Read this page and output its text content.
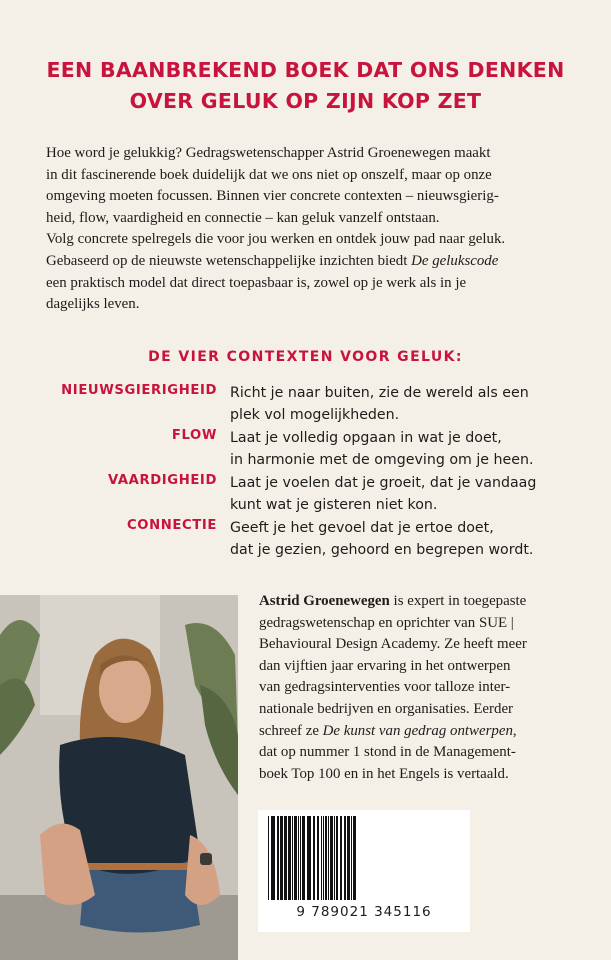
EEN BAANBREKEND BOEK DAT ONS DENKEN
OVER GELUK OP ZIJN KOP ZET

Hoe word je gelukkig? Gedragswetenschapper Astrid Groenewegen maakt

in dit fascinerende boek duidelijk dat we ons niet op onszelf, maar op onze

omgeving moeten focussen. Binnen vier concrete contexten – nieuwsgierig-

heid, flow, vaardigheid en connectie – kan geluk vanzelf ontstaan.

Volg concrete spelregels die voor jou werken en ontdek jouw pad naar geluk.

Gebaseerd op de nieuwste wetenschappelijke inzichten biedt De gelukscode

een praktisch model dat direct toepasbaar is, zowel op je werk als in je

dagelijks leven.

DE VIER CONTEXTEN VOOR GELUK:
NIEUWSGIERIGHEID Richt je naar buiten, zie de wereld als een
plek vol mogelijkheden.
FLOW Laat je volledig opgaan in wat je doet,
in harmonie met de omgeving om je heen.
VAARDIGHEID Laat je voelen dat je groeit, dat je vandaag
kunt wat je gisteren niet kon.
CONNECTIE Geeft je het gevoel dat je ertoe doet,
dat je gezien, gehoord en begrepen wordt.
Astrid Groenewegen is expert in toegepaste
gedragswetenschap en oprichter van SUE |
Behavioural Design Academy. Ze heeft meer
dan vijftien jaar ervaring in het ontwerpen
van gedragsinterventies voor talloze inter-
nationale bedrijven en organisaties. Eerder
schreef ze De kunst van gedrag ontwerpen,
dat op nummer 1 stond in de Management-
boek Top 100 en in het Engels is vertaald.
9 789021 345116
